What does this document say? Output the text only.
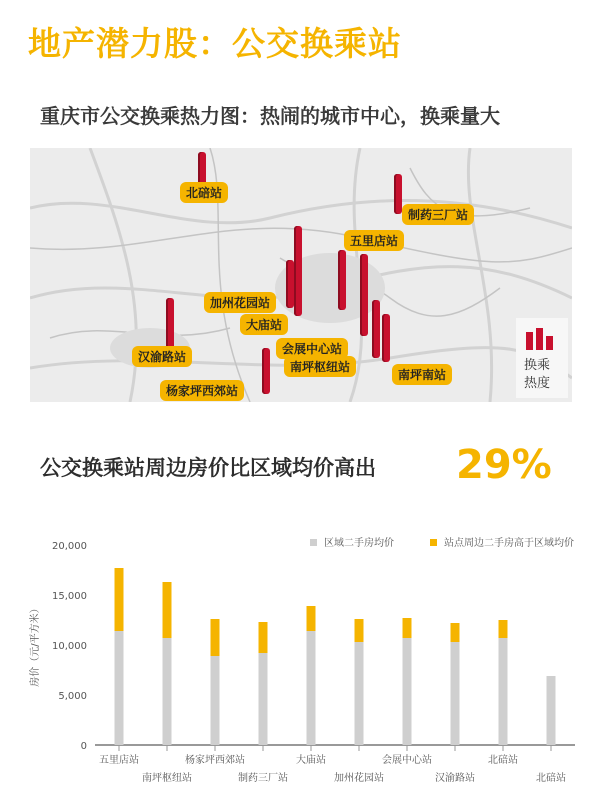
地产潜力股：公交换乘站
重庆市公交换乘热力图：热闹的城市中心，换乘量大
北碚站
制药三厂站
五里店站
加州花园站
大庙站
会展中心站
南坪枢纽站
南坪南站
汉渝路站
杨家坪西郊站
换乘
热度
公交换乘站周边房价比区域均价高出 29%
0
5,000
10,000
15,000
20,000
房价（元/平方米）
五里店站
南坪枢纽站
杨家坪西郊站
制药三厂站
大庙站
加州花园站
会展中心站
汉渝路站
北碚站
北碚站
区域二手房均价	站点周边二手房高于区域均价
